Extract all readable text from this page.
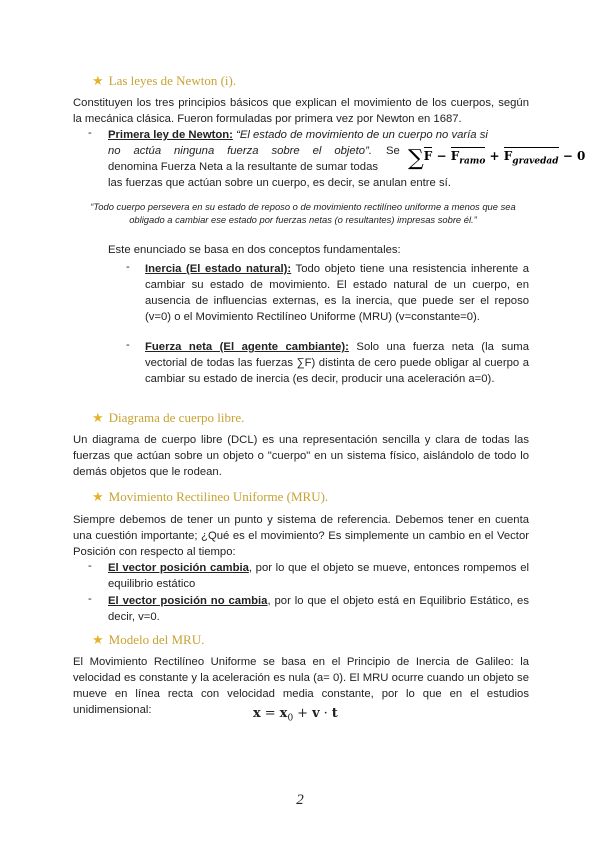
★ Las leyes de Newton (i).
Constituyen los tres principios básicos que explican el movimiento de los cuerpos, según la mecánica clásica. Fueron formuladas por primera vez por Newton en 1687.
- Primera ley de Newton: “El estado de movimiento de un cuerpo no varía si
no actúa ninguna fuerza sobre el objeto”. Se
denomina Fuerza Neta a la resultante de sumar todas
las fuerzas que actúan sobre un cuerpo, es decir, se anulan entre sí.
$\sum F - F_{ramo} + F_{gravedad} - 0$
“Todo cuerpo persevera en su estado de reposo o de movimiento rectilíneo uniforme a menos que sea obligado a cambiar ese estado por fuerzas netas (o resultantes) impresas sobre él.”
Este enunciado se basa en dos conceptos fundamentales:
- Inercia (El estado natural): Todo objeto tiene una resistencia inherente a cambiar su estado de movimiento. El estado natural de un cuerpo, en ausencia de influencias externas, es la inercia, que puede ser el reposo (v=0) o el Movimiento Rectilíneo Uniforme (MRU) (v=constante=0).
- Fuerza neta (El agente cambiante): Solo una fuerza neta (la suma vectorial de todas las fuerzas ∑F) distinta de cero puede obligar al cuerpo a cambiar su estado de inercia (es decir, producir una aceleración a=0).
★ Diagrama de cuerpo libre.
Un diagrama de cuerpo libre (DCL) es una representación sencilla y clara de todas las fuerzas que actúan sobre un objeto o "cuerpo" en un sistema físico, aislándolo de todo lo demás objetos que le rodean.
★ Movimiento Rectilineo Uniforme (MRU).
Siempre debemos de tener un punto y sistema de referencia. Debemos tener en cuenta una cuestión importante; ¿Qué es el movimiento? Es simplemente un cambio en el Vector Posición con respecto al tiempo:
- El vector posición cambia, por lo que el objeto se mueve, entonces rompemos el equilibrio estático
- El vector posición no cambia, por lo que el objeto está en Equilibrio Estático, es decir, v=0.
★ Modelo del MRU.
El Movimiento Rectilíneo Uniforme se basa en el Principio de Inercia de Galileo: la velocidad es constante y la aceleración es nula (a= 0). El MRU ocurre cuando un objeto se mueve en línea recta con velocidad media constante, por lo que en el estudios unidimensional:	$x = x_0 + v \cdot t$
2
